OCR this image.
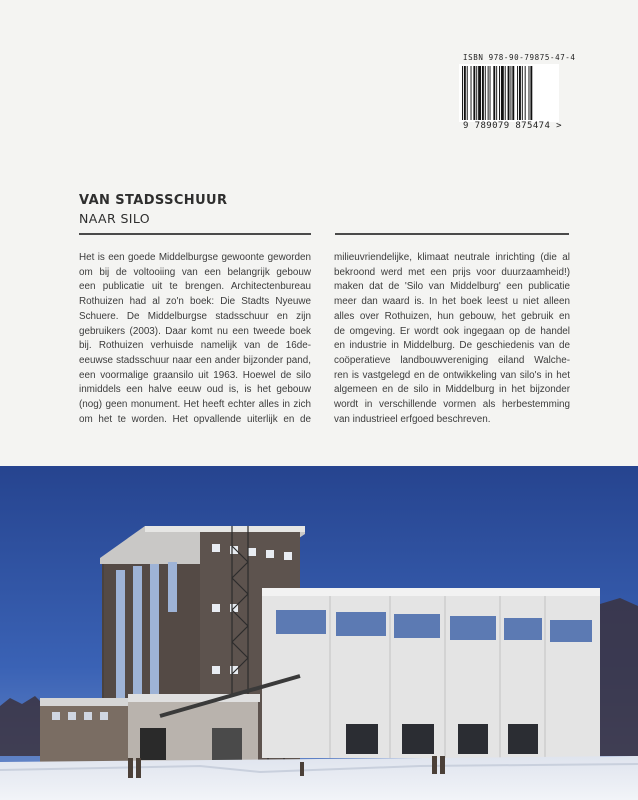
ISBN 978-90-79875-47-4
9 789079 875474 >
VAN STADSSCHUUR
NAAR SILO
Het is een goede Middelburgse gewoonte geworden
om bij de voltooiing van een belangrijk gebouw
een publicatie uit te brengen. Architectenbureau
Rothuizen had al zo'n boek: Die Stadts Nyeuwe
Schuere. De Middelburgse stadsschuur en zijn
gebruikers (2003). Daar komt nu een tweede boek
bij. Rothuizen verhuisde namelijk van de 16de-
eeuwse stadsschuur naar een ander bijzonder pand,
een voormalige graansilo uit 1963. Hoewel de silo
inmiddels een halve eeuw oud is, is het gebouw
(nog) geen monument. Het heeft echter alles in zich
om het te worden. Het opvallende uiterlijk en de
milieuvriendelijke, klimaat neutrale inrichting (die al
bekroond werd met een prijs voor duurzaamheid!)
maken dat de 'Silo van Middelburg' een publicatie
meer dan waard is. In het boek leest u niet alleen
alles over Rothuizen, hun gebouw, het gebruik en
de omgeving. Er wordt ook ingegaan op de handel
en industrie in Middelburg. De geschiedenis van de
coöperatieve landbouwvereniging eiland Walche-
ren is vastgelegd en de ontwikkeling van silo's in het
algemeen en de silo in Middelburg in het bijzonder
wordt in verschillende vormen als herbestemming
van industrieel erfgoed beschreven.
